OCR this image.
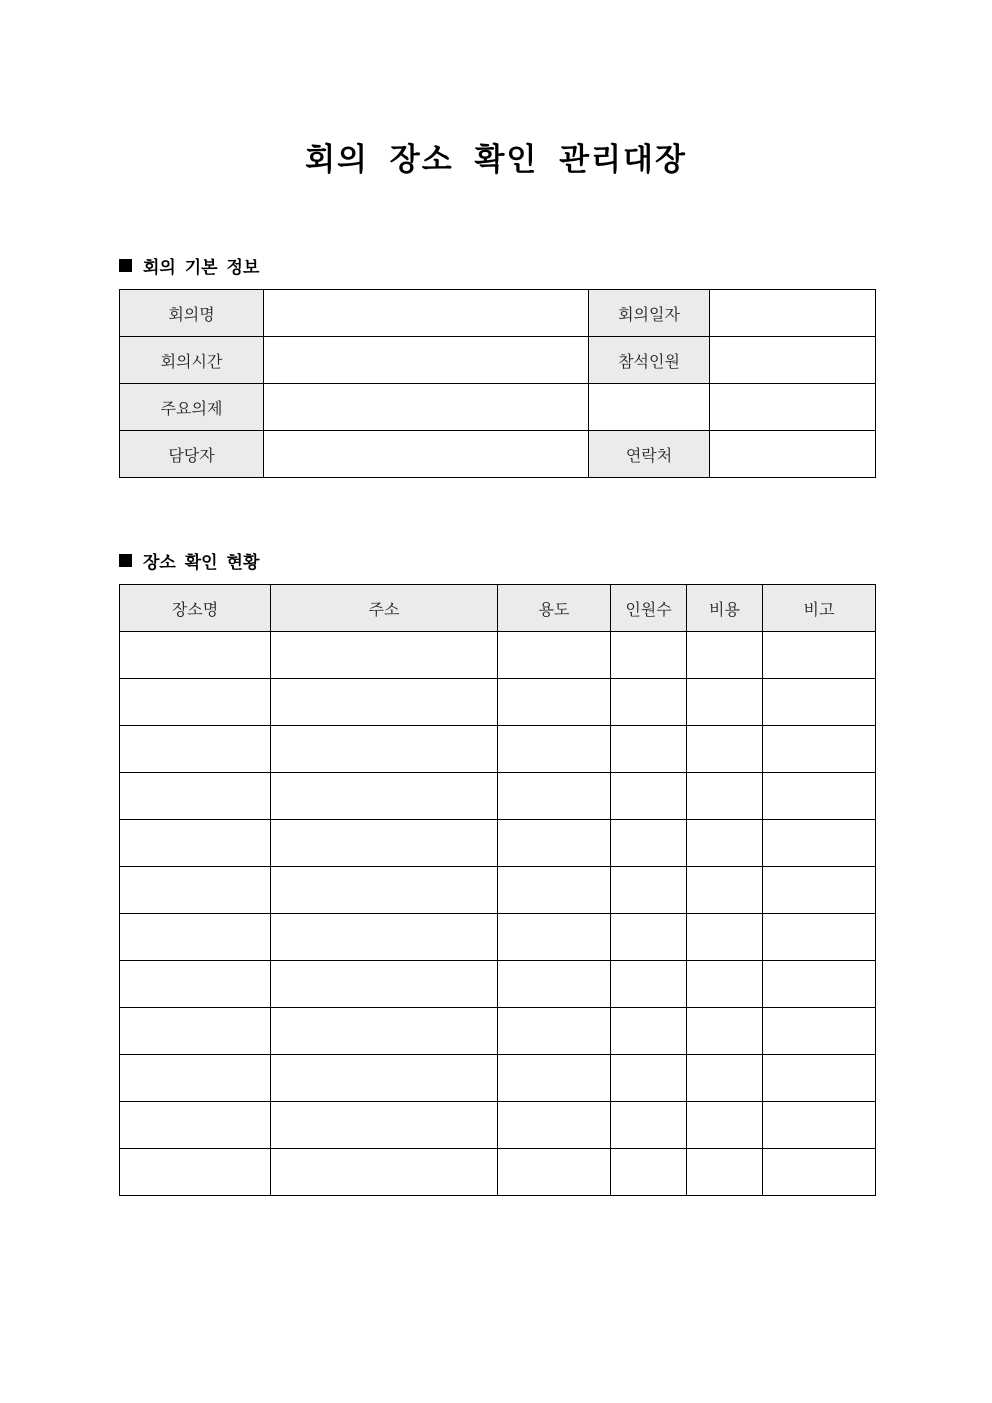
회의 장소 확인 관리대장
회의 기본 정보
회의명		회의일자	
회의시간		참석인원	
주요의제			
담당자		연락처	
장소 확인 현황
장소명	주소	용도	인원수	비용	비고
